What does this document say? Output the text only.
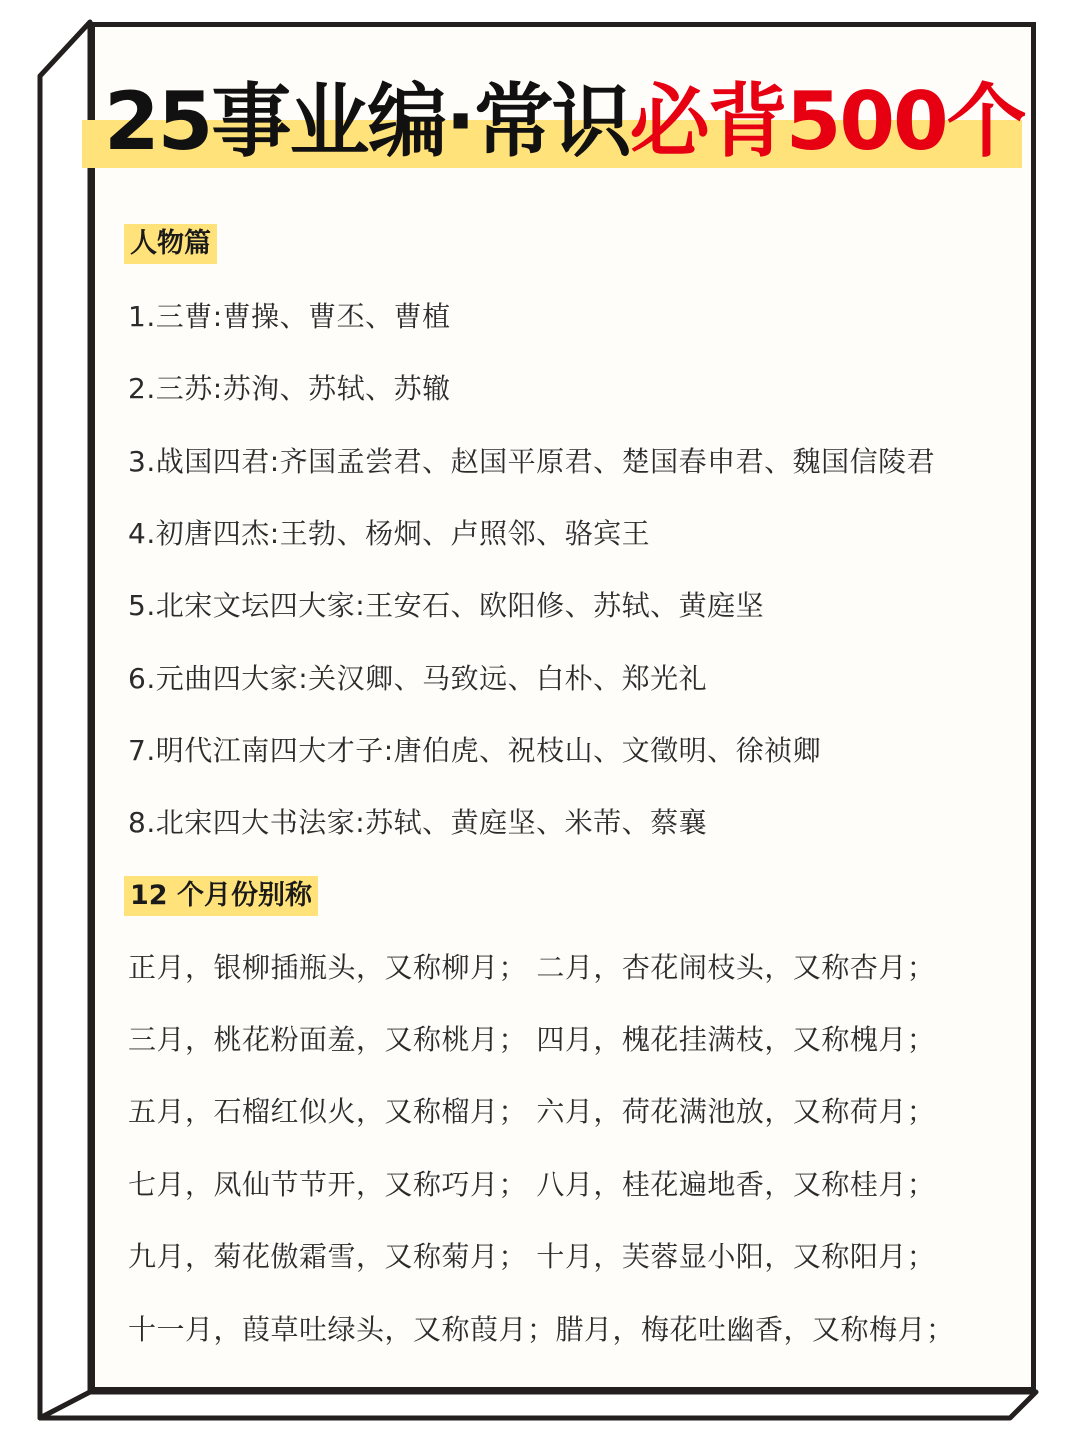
25事业编·常识必背500个
人物篇
1.三曹:曹操、曹丕、曹植
2.三苏:苏洵、苏轼、苏辙
3.战国四君:齐国孟尝君、赵国平原君、楚国春申君、魏国信陵君
4.初唐四杰:王勃、杨炯、卢照邻、骆宾王
5.北宋文坛四大家:王安石、欧阳修、苏轼、黄庭坚
6.元曲四大家:关汉卿、马致远、白朴、郑光礼
7.明代江南四大才子:唐伯虎、祝枝山、文徵明、徐祯卿
8.北宋四大书法家:苏轼、黄庭坚、米芾、蔡襄
12 个月份别称
正月，银柳插瓶头，又称柳月； 二月，杏花闹枝头，又称杏月；
三月，桃花粉面羞，又称桃月； 四月，槐花挂满枝，又称槐月；
五月，石榴红似火，又称榴月； 六月，荷花满池放，又称荷月；
七月，凤仙节节开，又称巧月； 八月，桂花遍地香，又称桂月；
九月，菊花傲霜雪，又称菊月； 十月，芙蓉显小阳，又称阳月；
十一月，葭草吐绿头，又称葭月；腊月，梅花吐幽香，又称梅月；
